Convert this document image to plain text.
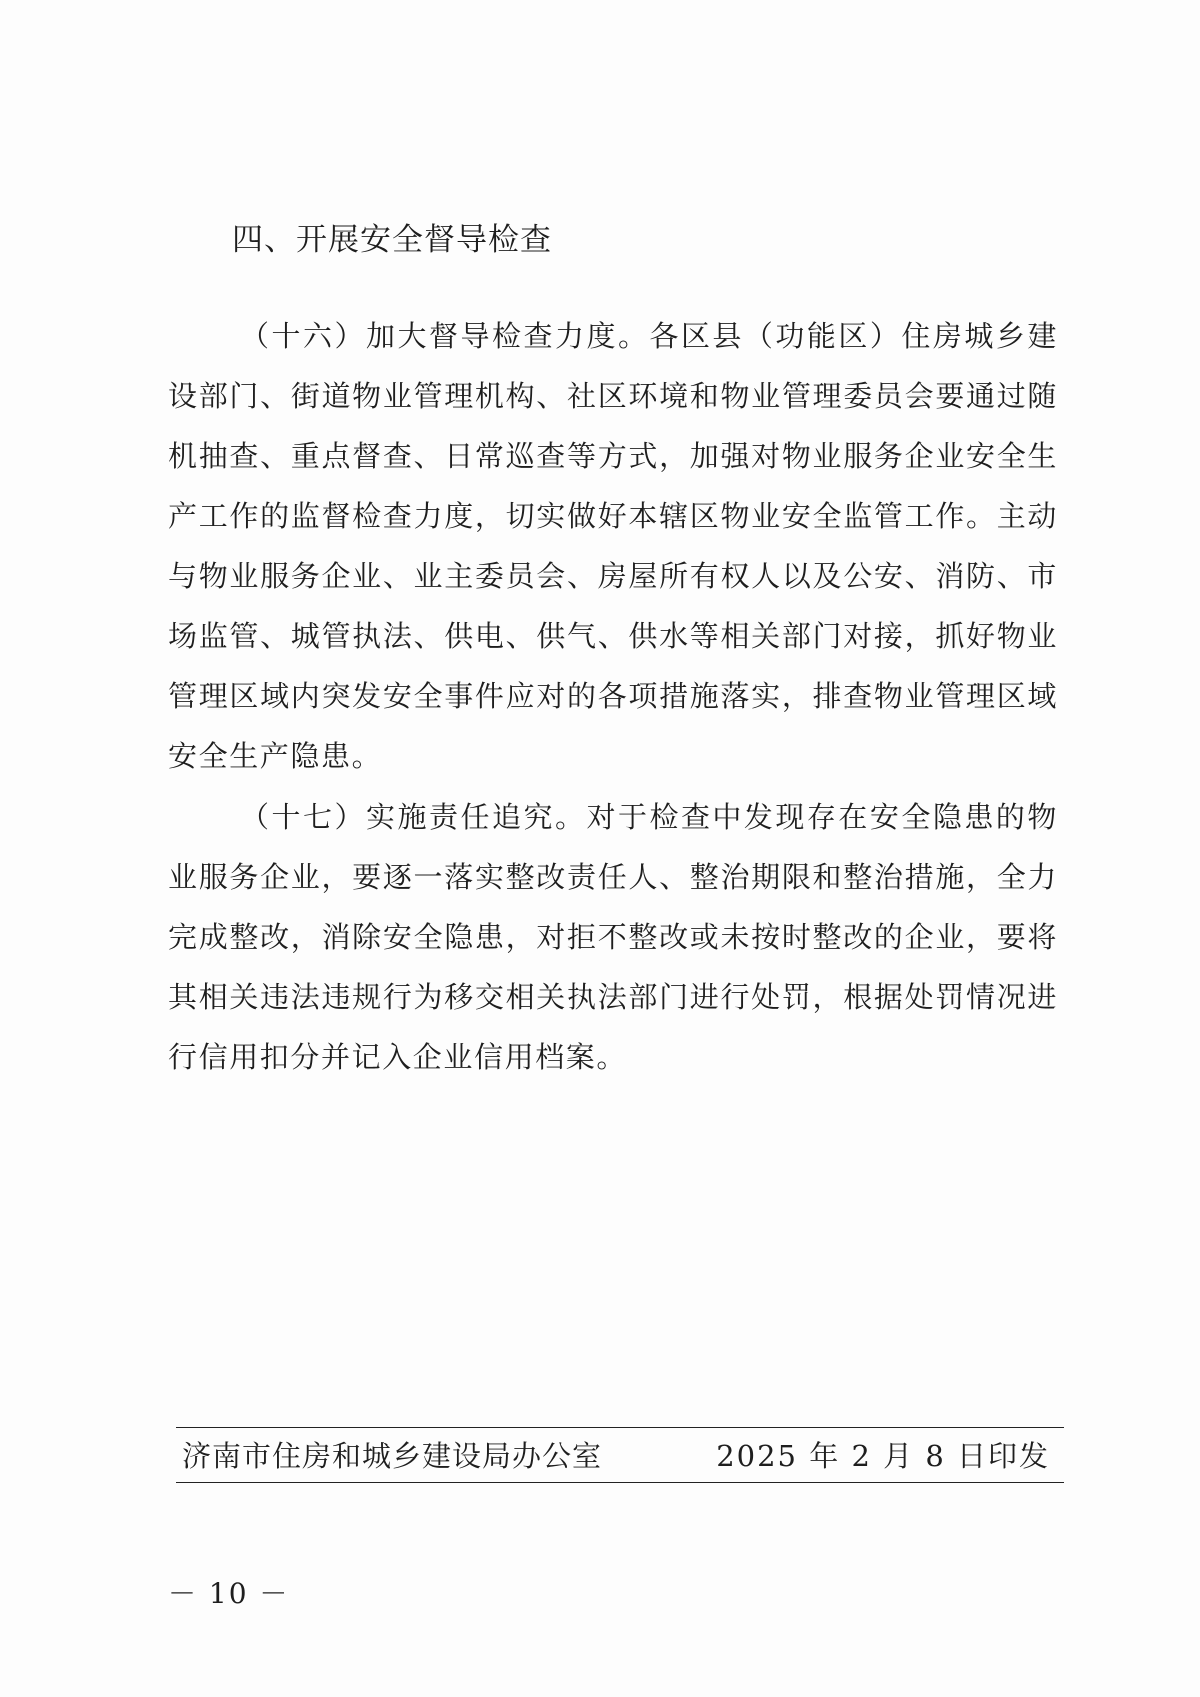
四、开展安全督导检查

（十六）加大督导检查力度。各区县（功能区）住房城乡建设部门、街道物业管理机构、社区环境和物业管理委员会要通过随机抽查、重点督查、日常巡查等方式，加强对物业服务企业安全生产工作的监督检查力度，切实做好本辖区物业安全监管工作。主动与物业服务企业、业主委员会、房屋所有权人以及公安、消防、市场监管、城管执法、供电、供气、供水等相关部门对接，抓好物业管理区域内突发安全事件应对的各项措施落实，排查物业管理区域安全生产隐患。

（十七）实施责任追究。对于检查中发现存在安全隐患的物业服务企业，要逐一落实整改责任人、整治期限和整治措施，全力完成整改，消除安全隐患，对拒不整改或未按时整改的企业，要将其相关违法违规行为移交相关执法部门进行处罚，根据处罚情况进行信用扣分并记入企业信用档案。

济南市住房和城乡建设局办公室	2025 年 2 月 8 日印发
－ 10 －
